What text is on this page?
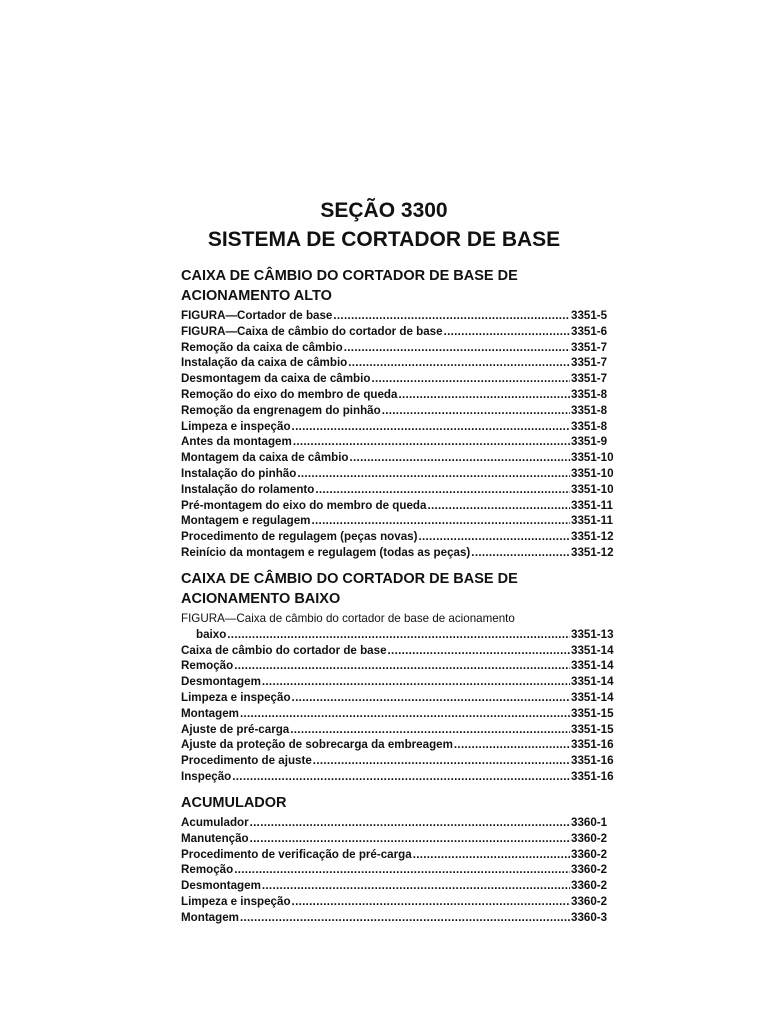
SEÇÃO 3300
SISTEMA DE CORTADOR DE BASE
CAIXA DE CÂMBIO DO CORTADOR DE BASE DE
ACIONAMENTO ALTO
FIGURA—Cortador de base .....	3351-5
FIGURA—Caixa de câmbio do cortador de base .....	3351-6
Remoção da caixa de câmbio .....	3351-7
Instalação da caixa de câmbio .....	3351-7
Desmontagem da caixa de câmbio .....	3351-7
Remoção do eixo do membro de queda .....	3351-8
Remoção da engrenagem do pinhão .....	3351-8
Limpeza e inspeção .....	3351-8
Antes da montagem .....	3351-9
Montagem da caixa de câmbio .....	3351-10
Instalação do pinhão .....	3351-10
Instalação do rolamento .....	3351-10
Pré-montagem do eixo do membro de queda .....	3351-11
Montagem e regulagem .....	3351-11
Procedimento de regulagem (peças novas) .....	3351-12
Reinício da montagem e regulagem (todas as peças) .....	3351-12
CAIXA DE CÂMBIO DO CORTADOR DE BASE DE
ACIONAMENTO BAIXO
FIGURA—Caixa de câmbio do cortador de base de acionamento
baixo .....	3351-13
Caixa de câmbio do cortador de base .....	3351-14
Remoção .....	3351-14
Desmontagem .....	3351-14
Limpeza e inspeção .....	3351-14
Montagem .....	3351-15
Ajuste de pré-carga .....	3351-15
Ajuste da proteção de sobrecarga da embreagem .....	3351-16
Procedimento de ajuste .....	3351-16
Inspeção .....	3351-16
ACUMULADOR
Acumulador .....	3360-1
Manutenção .....	3360-2
Procedimento de verificação de pré-carga .....	3360-2
Remoção .....	3360-2
Desmontagem .....	3360-2
Limpeza e inspeção .....	3360-2
Montagem .....	3360-3
